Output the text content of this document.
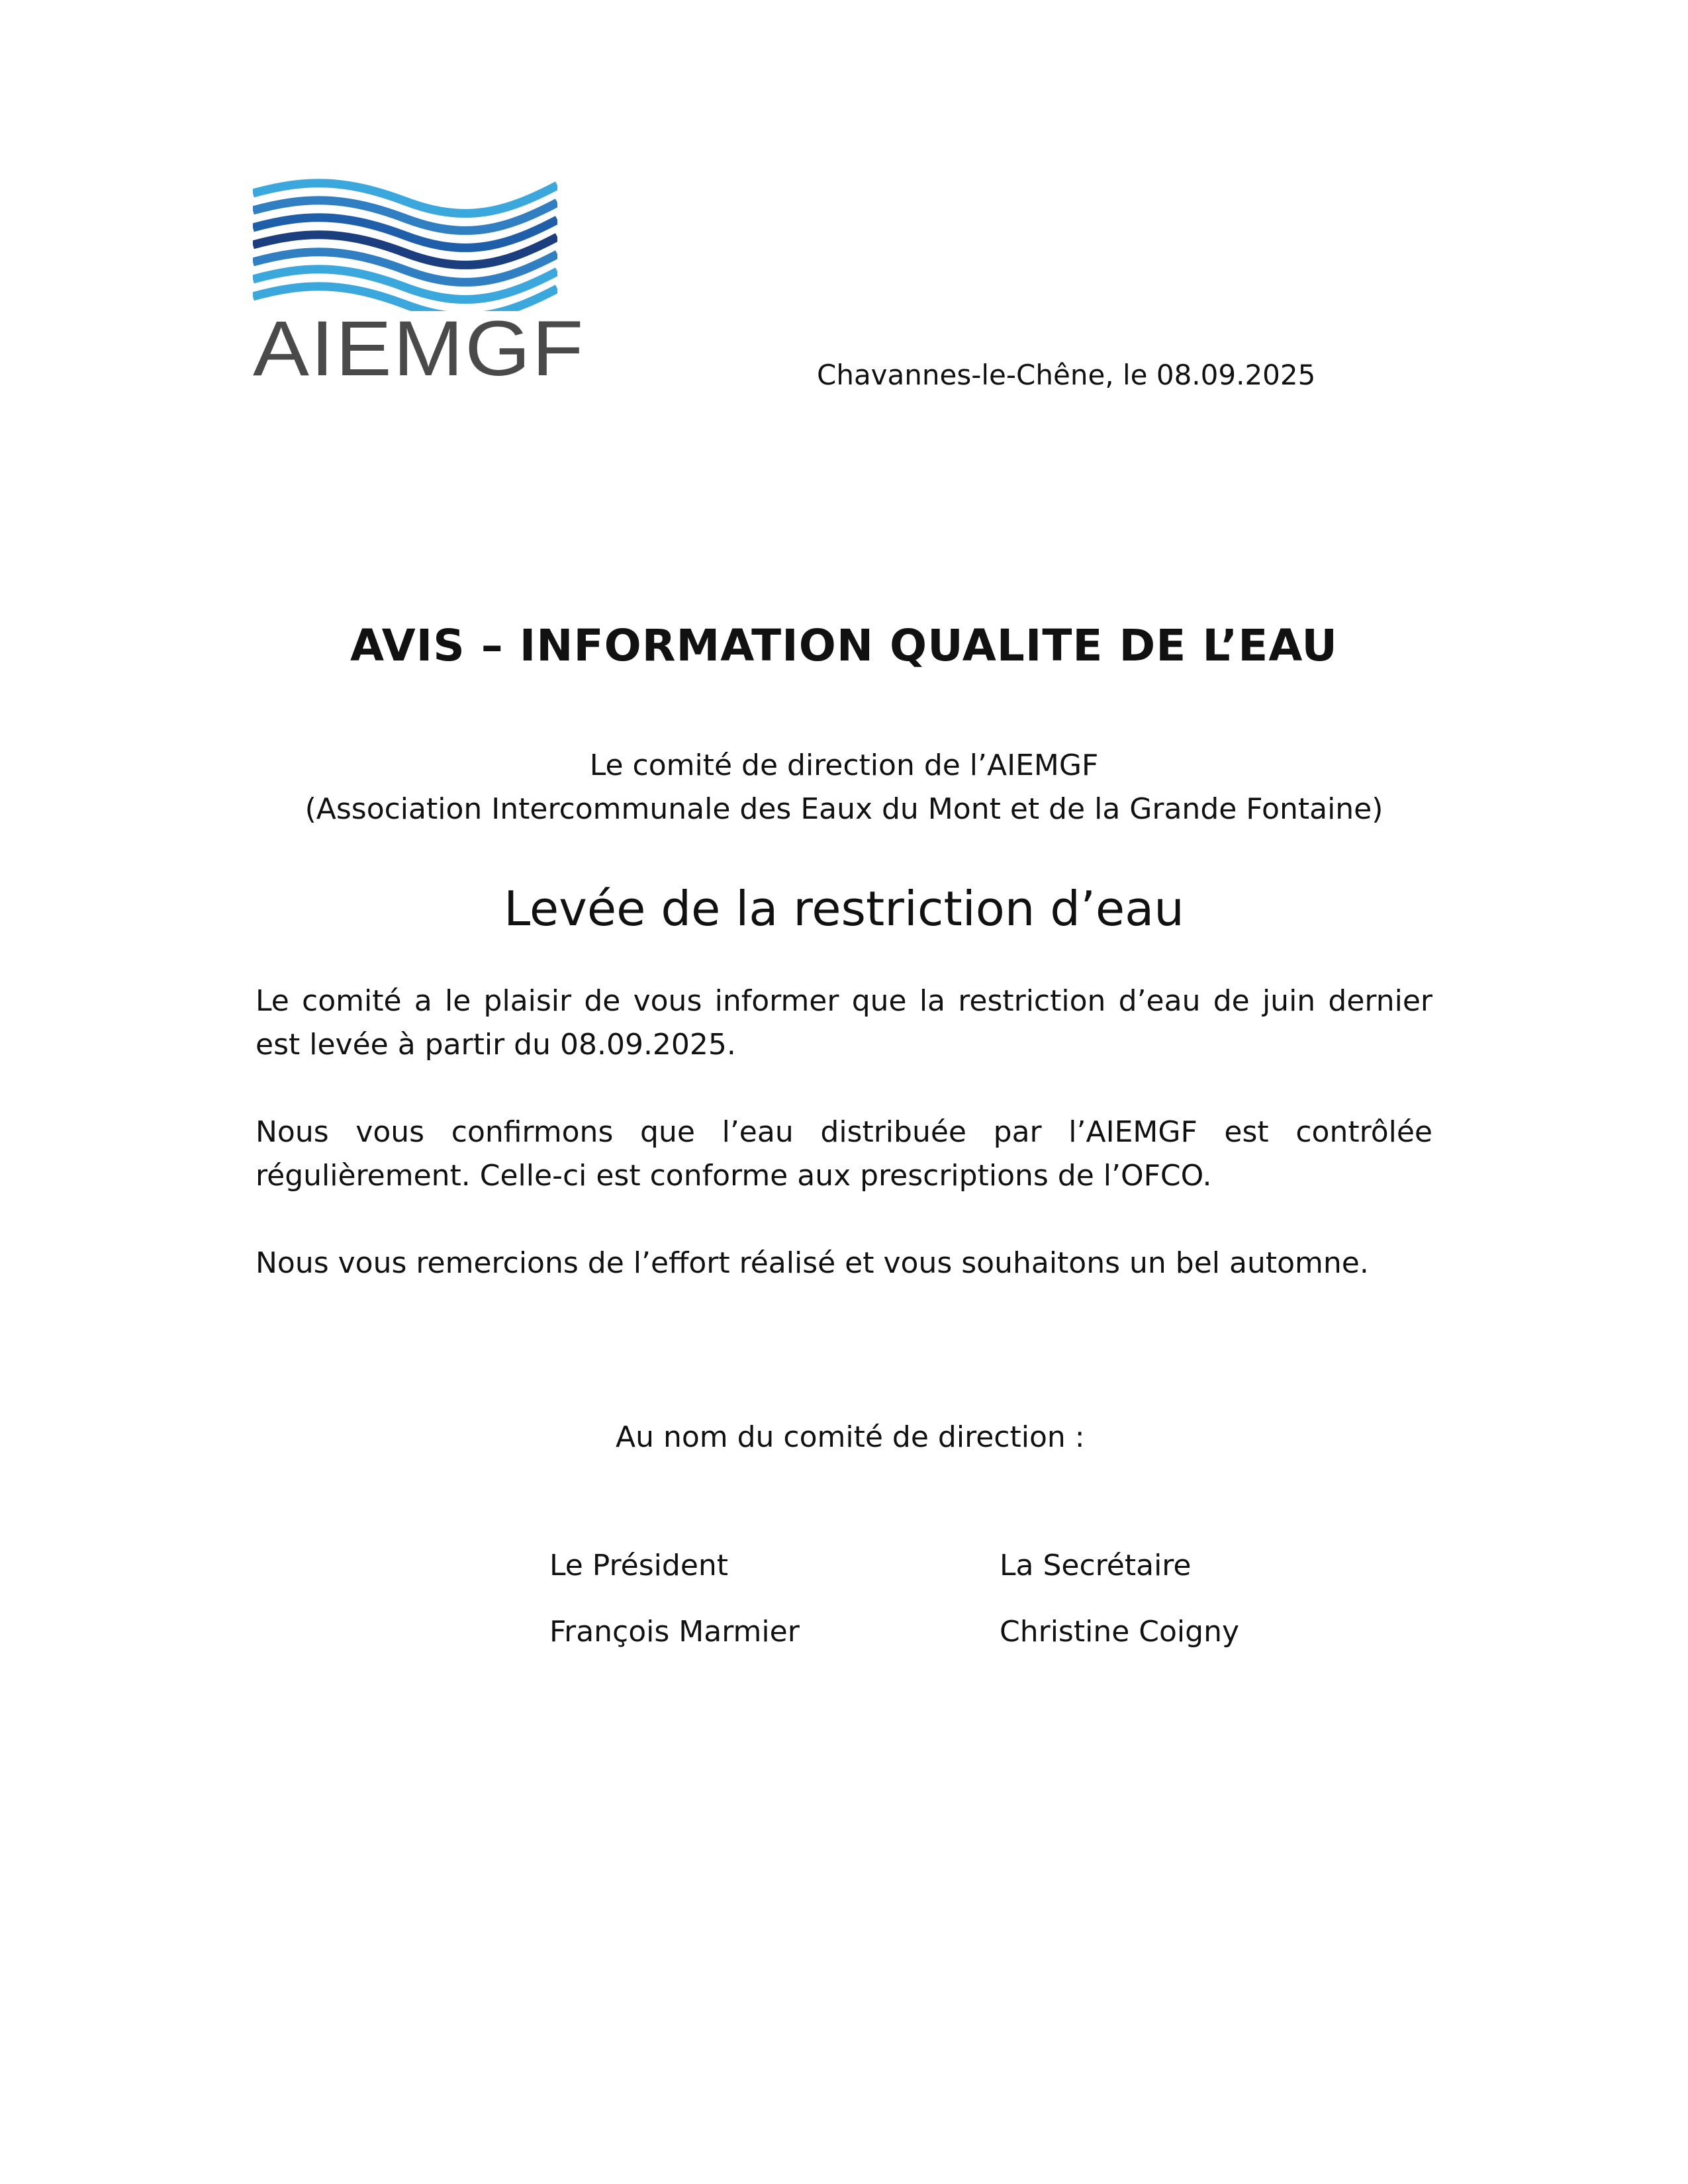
AIEMGF	Chavannes-le-Chêne, le 08.09.2025
AVIS – INFORMATION QUALITE DE L’EAU
Le comité de direction de l’AIEMGF
(Association Intercommunale des Eaux du Mont et de la Grande Fontaine)
Levée de la restriction d’eau

Le comité a le plaisir de vous informer que la restriction d’eau de juin dernier est levée à partir du 08.09.2025.

Nous vous confirmons que l’eau distribuée par l’AIEMGF est contrôlée régulièrement. Celle-ci est conforme aux prescriptions de l’OFCO.

Nous vous remercions de l’effort réalisé et vous souhaitons un bel automne.

Au nom du comité de direction :
Le Président
François Marmier
La Secrétaire
Christine Coigny
